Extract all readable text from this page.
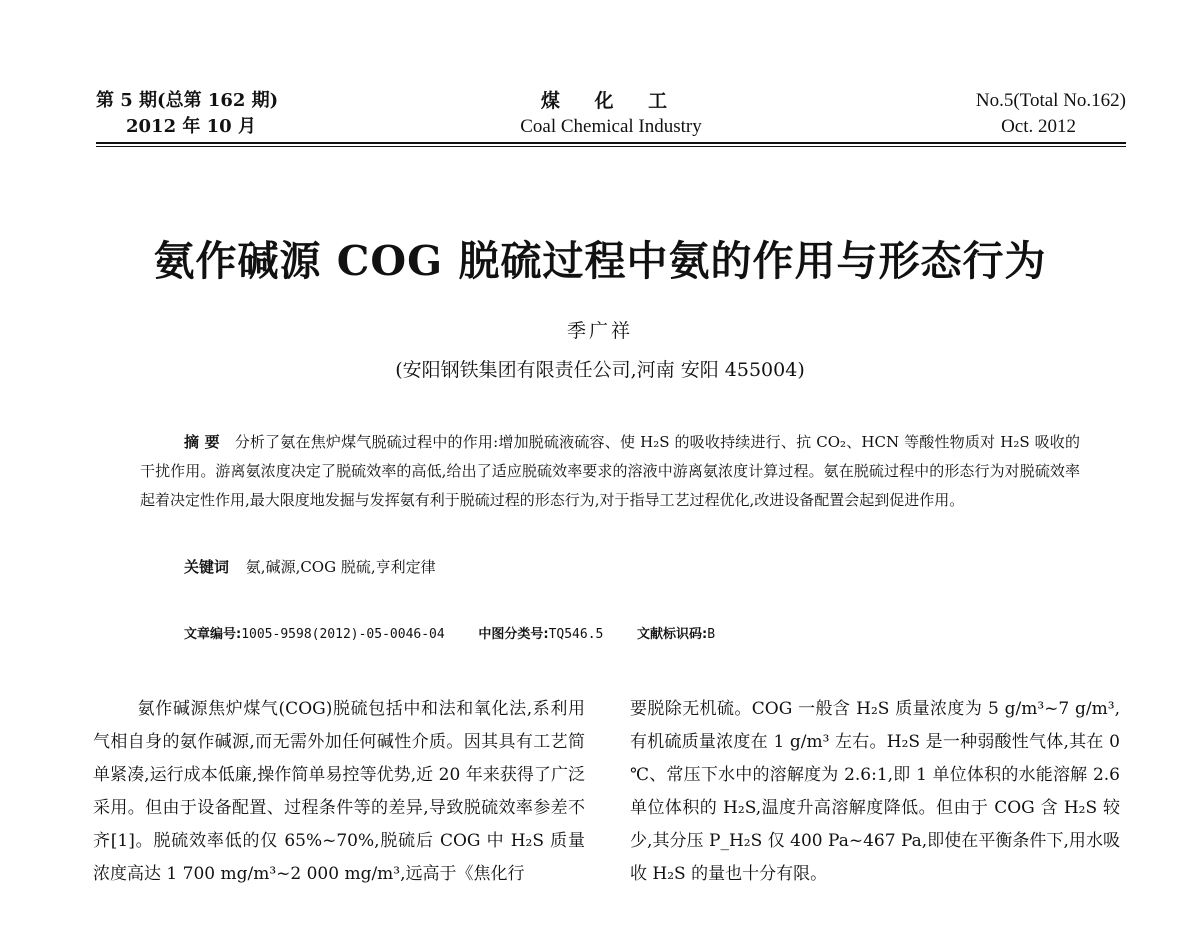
第 5 期(总第 162 期)
2012 年 10 月
煤 化 工
Coal Chemical Industry
No.5(Total No.162)
Oct. 2012
氨作碱源 COG 脱硫过程中氨的作用与形态行为
季广祥
(安阳钢铁集团有限责任公司,河南 安阳 455004)
摘 要 分析了氨在焦炉煤气脱硫过程中的作用:增加脱硫液硫容、使 H₂S 的吸收持续进行、抗 CO₂、HCN 等酸性物质对 H₂S 吸收的干扰作用。游离氨浓度决定了脱硫效率的高低,给出了适应脱硫效率要求的溶液中游离氨浓度计算过程。氨在脱硫过程中的形态行为对脱硫效率起着决定性作用,最大限度地发掘与发挥氨有利于脱硫过程的形态行为,对于指导工艺过程优化,改进设备配置会起到促进作用。
关键词 氨,碱源,COG 脱硫,亨利定律
文章编号:1005-9598(2012)-05-0046-04	中图分类号:TQ546.5	文献标识码:B

氨作碱源焦炉煤气(COG)脱硫包括中和法和氧化法,系利用气相自身的氨作碱源,而无需外加任何碱性介质。因其具有工艺简单紧凑,运行成本低廉,操作简单易控等优势,近 20 年来获得了广泛采用。但由于设备配置、过程条件等的差异,导致脱硫效率参差不齐[1]。脱硫效率低的仅 65%~70%,脱硫后 COG 中 H₂S 质量浓度高达 1 700 mg/m³~2 000 mg/m³,远高于《焦化行

要脱除无机硫。COG 一般含 H₂S 质量浓度为 5 g/m³~7 g/m³,有机硫质量浓度在 1 g/m³ 左右。H₂S 是一种弱酸性气体,其在 0 ℃、常压下水中的溶解度为 2.6:1,即 1 单位体积的水能溶解 2.6 单位体积的 H₂S,温度升高溶解度降低。但由于 COG 含 H₂S 较少,其分压 P_H₂S 仅 400 Pa~467 Pa,即使在平衡条件下,用水吸收 H₂S 的量也十分有限。
